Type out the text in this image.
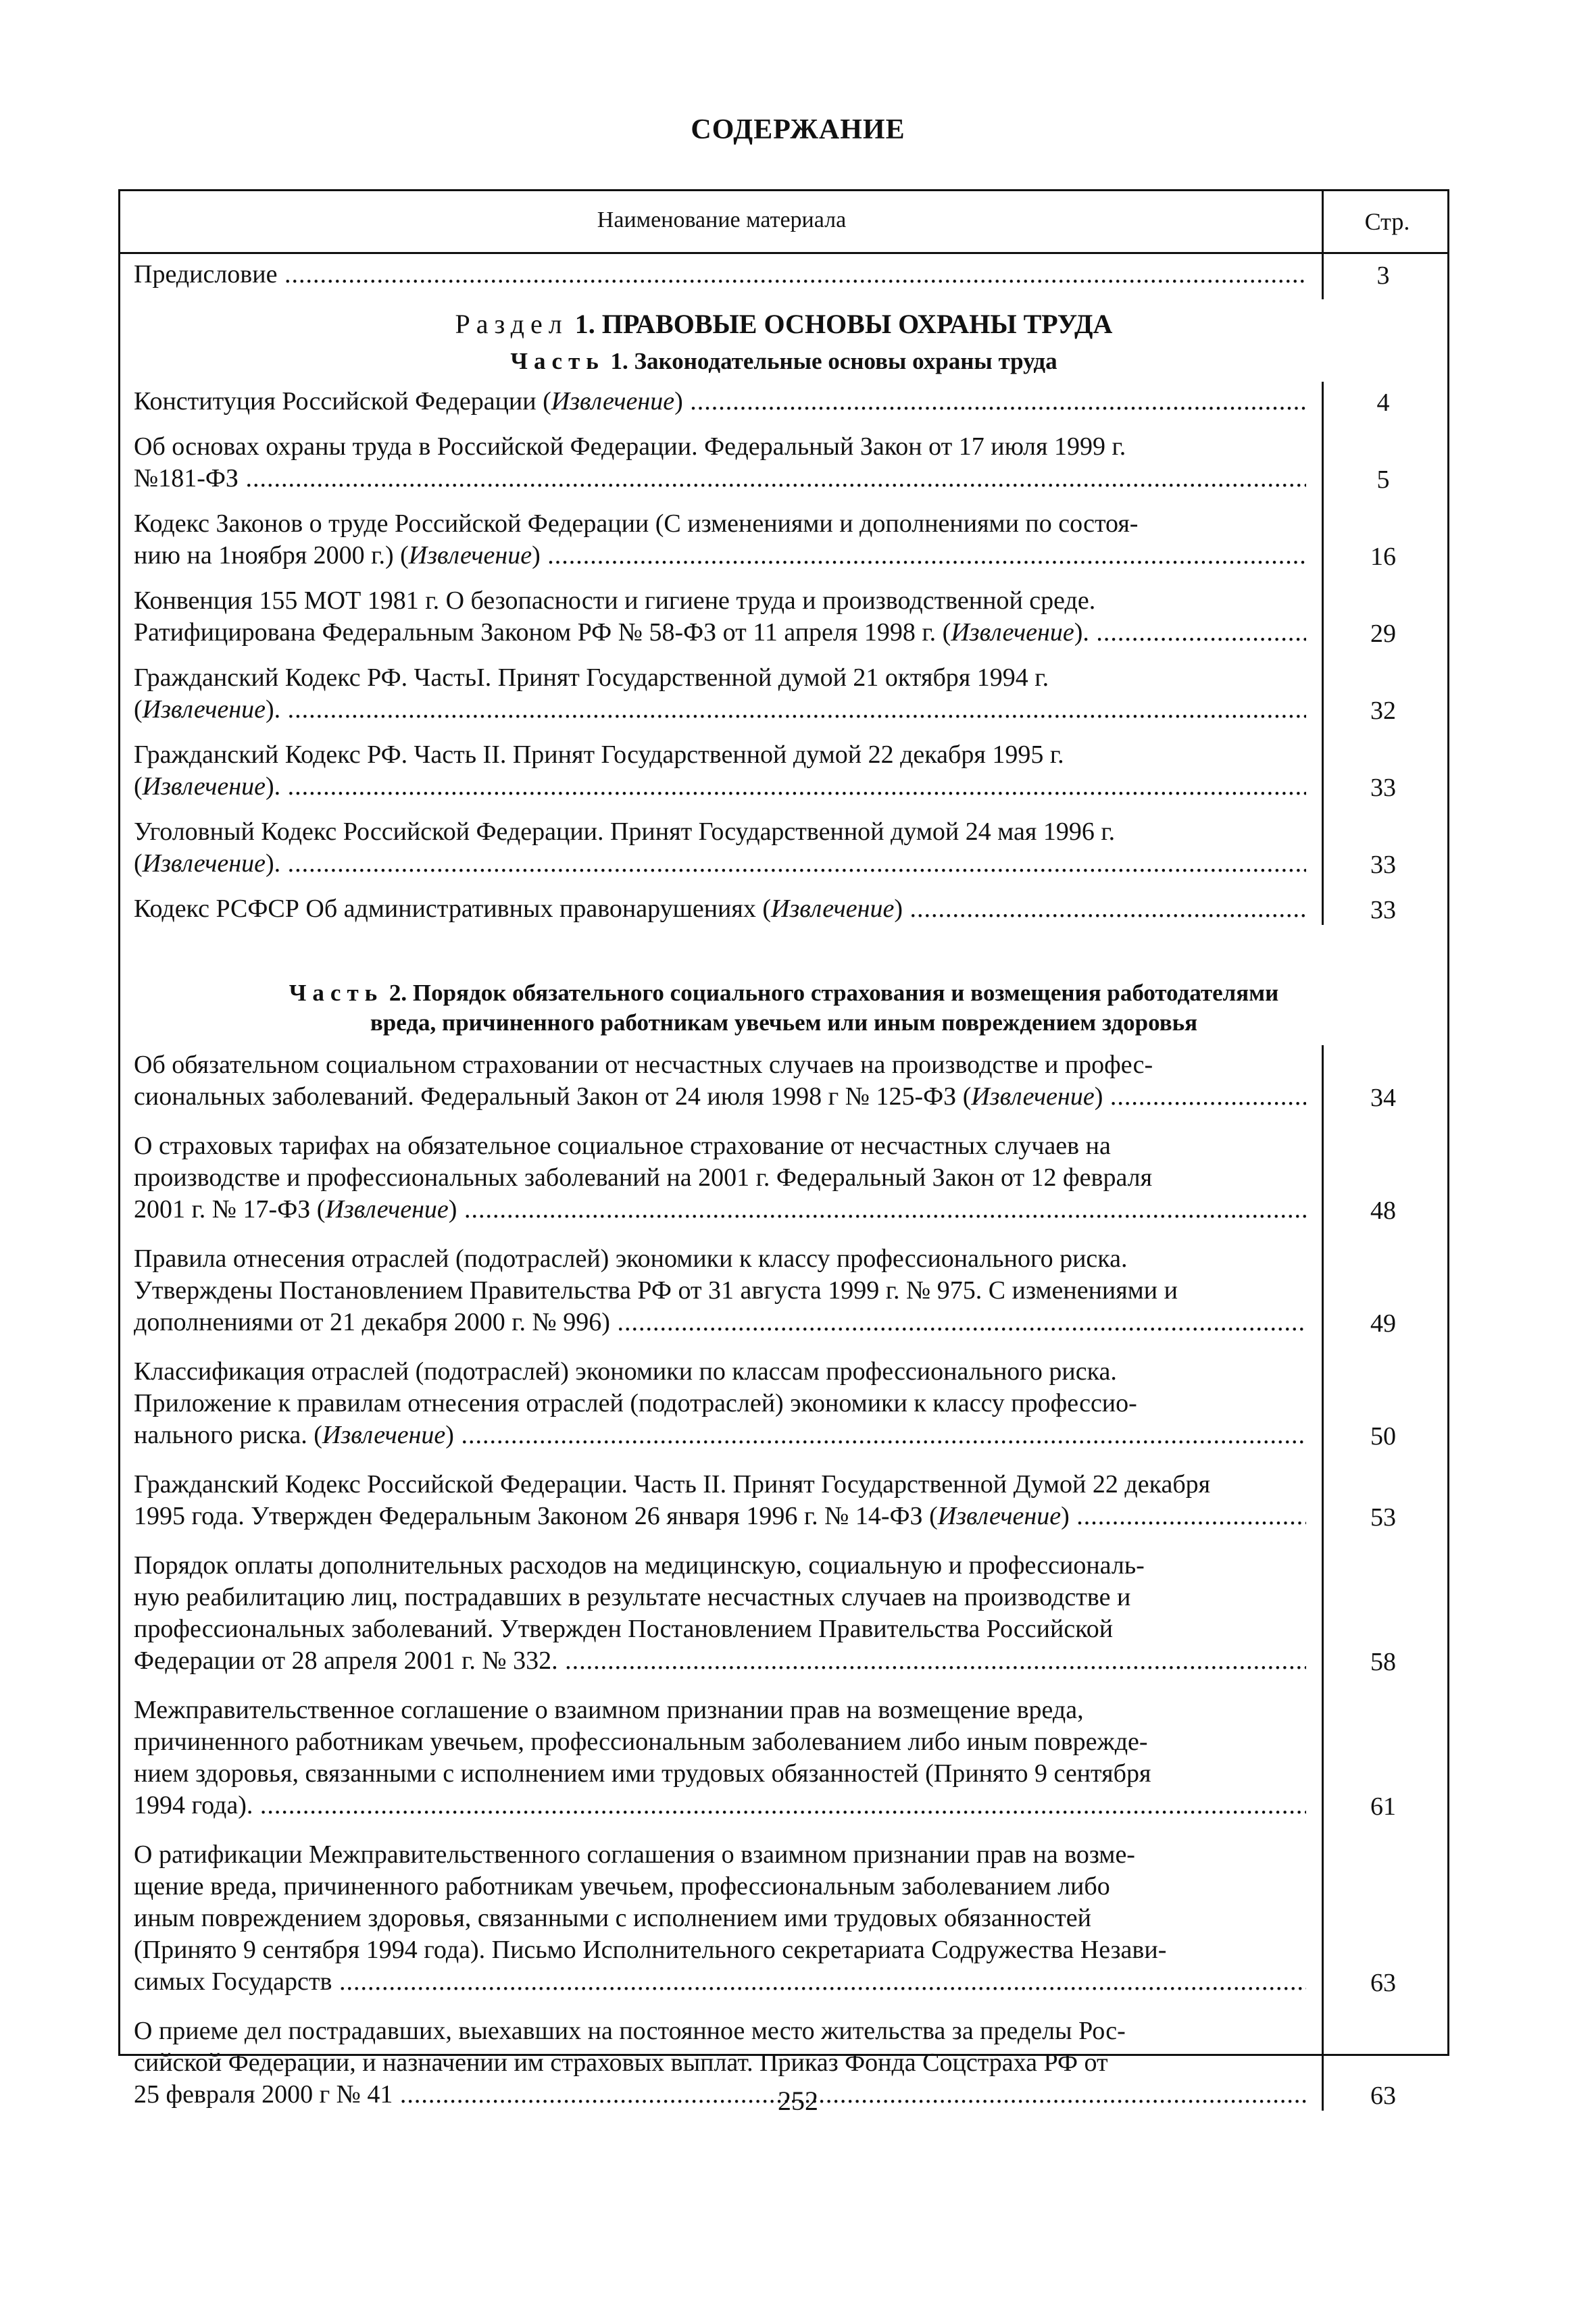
СОДЕРЖАНИЕ
Наименование материала	Стр.
Предисловие .....	3
Раздел 1. ПРАВОВЫЕ ОСНОВЫ ОХРАНЫ ТРУДА
Часть 1. Законодательные основы охраны труда
Конституция Российской Федерации (Извлечение) .....	4
Об основах охраны труда в Российской Федерации. Федеральный Закон от 17 июля 1999 г.
№181-ФЗ .....	5
Кодекс Законов о труде Российской Федерации (С изменениями и дополнениями по состоя-
нию на 1ноября 2000 г.) (Извлечение) .....	16
Конвенция 155 МОТ 1981 г. О безопасности и гигиене труда и производственной среде.
Ратифицирована Федеральным Законом РФ № 58-ФЗ от 11 апреля 1998 г. (Извлечение). .....	29
Гражданский Кодекс РФ. ЧастьI. Принят Государственной думой 21 октября 1994 г.
(Извлечение). .....	32
Гражданский Кодекс РФ. Часть II. Принят Государственной думой 22 декабря 1995 г.
(Извлечение). .....	33
Уголовный Кодекс Российской Федерации. Принят Государственной думой 24 мая 1996 г.
(Извлечение). .....	33
Кодекс РСФСР Об административных правонарушениях (Извлечение) .....	33
Часть 2. Порядок обязательного социального страхования и возмещения работодателями
вреда, причиненного работникам увечьем или иным повреждением здоровья
Об обязательном социальном страховании от несчастных случаев на производстве и профес-
сиональных заболеваний. Федеральный Закон от 24 июля 1998 г № 125-ФЗ (Извлечение) .....	34
О страховых тарифах на обязательное социальное страхование от несчастных случаев на
производстве и профессиональных заболеваний на 2001 г. Федеральный Закон от 12 февраля
2001 г. № 17-ФЗ (Извлечение) .....	48
Правила отнесения отраслей (подотраслей) экономики к классу профессионального риска.
Утверждены Постановлением Правительства РФ от 31 августа 1999 г. № 975. С изменениями и
дополнениями от 21 декабря 2000 г. № 996) .....	49
Классификация отраслей (подотраслей) экономики по классам профессионального риска.
Приложение к правилам отнесения отраслей (подотраслей) экономики к классу профессио-
нального риска. (Извлечение) .....	50
Гражданский Кодекс Российской Федерации. Часть II. Принят Государственной Думой 22 декабря
1995 года. Утвержден Федеральным Законом 26 января 1996 г. № 14-ФЗ (Извлечение) .....	53
Порядок оплаты дополнительных расходов на медицинскую, социальную и профессиональ-
ную реабилитацию лиц, пострадавших в результате несчастных случаев на производстве и
профессиональных заболеваний. Утвержден Постановлением Правительства Российской
Федерации от 28 апреля 2001 г. № 332. .....	58
Межправительственное соглашение о взаимном признании прав на возмещение вреда,
причиненного работникам увечьем, профессиональным заболеванием либо иным поврежде-
нием здоровья, связанными с исполнением ими трудовых обязанностей (Принято 9 сентября
1994 года). .....	61
О ратификации Межправительственного соглашения о взаимном признании прав на возме-
щение вреда, причиненного работникам увечьем, профессиональным заболеванием либо
иным повреждением здоровья, связанными с исполнением ими трудовых обязанностей
(Принято 9 сентября 1994 года). Письмо Исполнительного секретариата Содружества Незави-
симых Государств .....	63
О приеме дел пострадавших, выехавших на постоянное место жительства за пределы Рос-
сийской Федерации, и назначении им страховых выплат. Приказ Фонда Соцстраха РФ от
25 февраля 2000 г № 41 .....	63
252
